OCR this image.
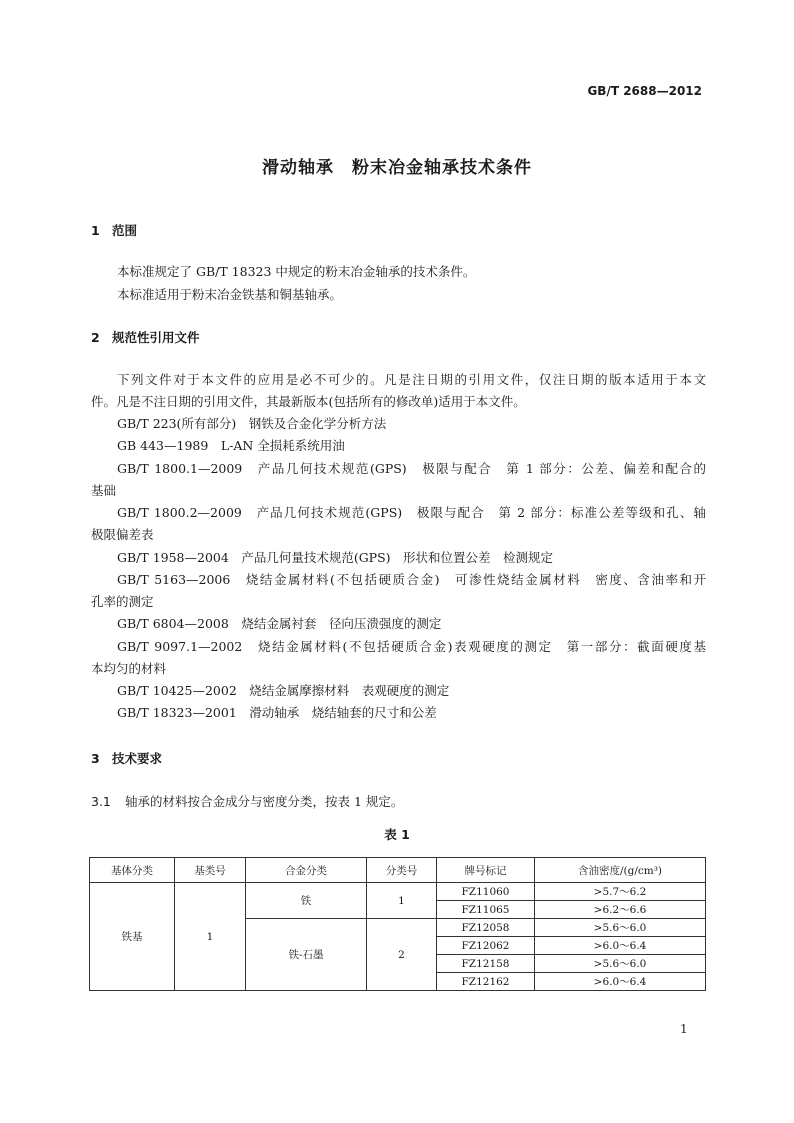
GB/T 2688—2012
滑动轴承　粉末冶金轴承技术条件
1 范围
本标准规定了 GB/T 18323 中规定的粉末冶金轴承的技术条件。
本标准适用于粉末冶金铁基和铜基轴承。
2 规范性引用文件
下列文件对于本文件的应用是必不可少的。凡是注日期的引用文件，仅注日期的版本适用于本文
件。凡是不注日期的引用文件，其最新版本(包括所有的修改单)适用于本文件。
GB/T 223(所有部分)　钢铁及合金化学分析方法
GB 443—1989　L-AN 全损耗系统用油
GB/T 1800.1—2009　产品几何技术规范(GPS)　极限与配合　第 1 部分：公差、偏差和配合的
基础
GB/T 1800.2—2009　产品几何技术规范(GPS)　极限与配合　第 2 部分：标准公差等级和孔、轴
极限偏差表
GB/T 1958—2004　产品几何量技术规范(GPS)　形状和位置公差　检测规定
GB/T 5163—2006　烧结金属材料(不包括硬质合金)　可渗性烧结金属材料　密度、含油率和开
孔率的测定
GB/T 6804—2008　烧结金属衬套　径向压溃强度的测定
GB/T 9097.1—2002　烧结金属材料(不包括硬质合金)表观硬度的测定　第一部分：截面硬度基
本均匀的材料
GB/T 10425—2002　烧结金属摩擦材料　表观硬度的测定
GB/T 18323—2001　滑动轴承　烧结轴套的尺寸和公差
3 技术要求
3.1 轴承的材料按合金成分与密度分类，按表 1 规定。
表 1
基体分类	基类号	合金分类	分类号	牌号标记	含油密度/(g/cm³)
铁基	1	铁	1	FZ11060	>5.7～6.2
				FZ11065	>6.2～6.6
		铁-石墨	2	FZ12058	>5.6～6.0
				FZ12062	>6.0～6.4
				FZ12158	>5.6～6.0
				FZ12162	>6.0～6.4
1
